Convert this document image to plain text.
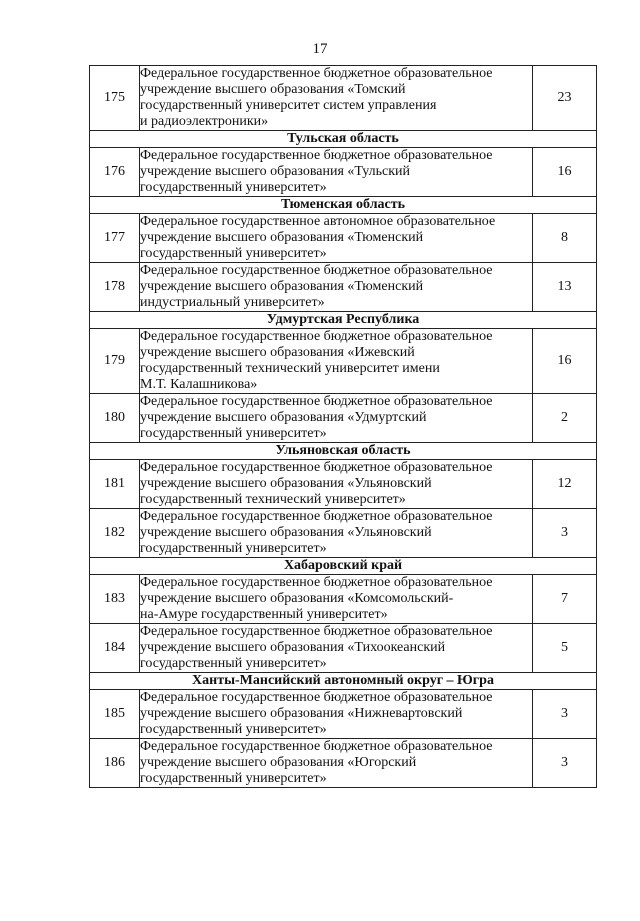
17
175	Федеральное государственное бюджетное образовательное
учреждение высшего образования «Томский
государственный университет систем управления
и радиоэлектроники»	23
Тульская область		
176	Федеральное государственное бюджетное образовательное
учреждение высшего образования «Тульский
государственный университет»	16
Тюменская область		
177	Федеральное государственное автономное образовательное
учреждение высшего образования «Тюменский
государственный университет»	8
178	Федеральное государственное бюджетное образовательное
учреждение высшего образования «Тюменский
индустриальный университет»	13
Удмуртская Республика		
179	Федеральное государственное бюджетное образовательное
учреждение высшего образования «Ижевский
государственный технический университет имени
М.Т. Калашникова»	16
180	Федеральное государственное бюджетное образовательное
учреждение высшего образования «Удмуртский
государственный университет»	2
Ульяновская область		
181	Федеральное государственное бюджетное образовательное
учреждение высшего образования «Ульяновский
государственный технический университет»	12
182	Федеральное государственное бюджетное образовательное
учреждение высшего образования «Ульяновский
государственный университет»	3
Хабаровский край		
183	Федеральное государственное бюджетное образовательное
учреждение высшего образования «Комсомольский-
на-Амуре государственный университет»	7
184	Федеральное государственное бюджетное образовательное
учреждение высшего образования «Тихоокеанский
государственный университет»	5
Ханты-Мансийский автономный округ – Югра		
185	Федеральное государственное бюджетное образовательное
учреждение высшего образования «Нижневартовский
государственный университет»	3
186	Федеральное государственное бюджетное образовательное
учреждение высшего образования «Югорский
государственный университет»	3
